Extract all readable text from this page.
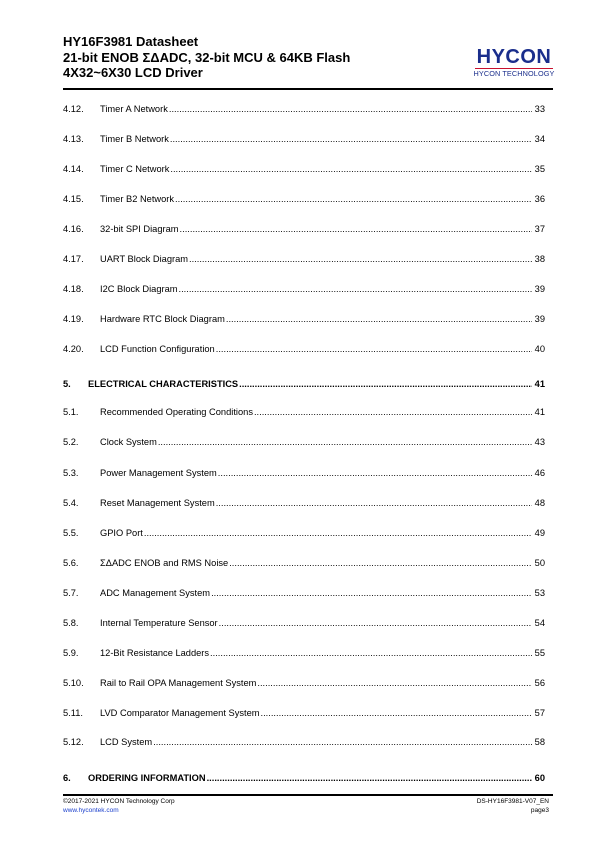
HY16F3981 Datasheet
21-bit ENOB ΣΔADC, 32-bit MCU & 64KB Flash
4X32~6X30 LCD Driver
HYCON
HYCON TECHNOLOGY
4.12.	Timer A Network .....	33
4.13.	Timer B Network .....	34
4.14.	Timer C Network .....	35
4.15.	Timer B2 Network .....	36
4.16.	32-bit SPI Diagram .....	37
4.17.	UART Block Diagram .....	38
4.18.	I2C Block Diagram .....	39
4.19.	Hardware RTC Block Diagram .....	39
4.20.	LCD Function Configuration .....	40
5.	ELECTRICAL CHARACTERISTICS .....	41
5.1.	Recommended Operating Conditions .....	41
5.2.	Clock System .....	43
5.3.	Power Management System .....	46
5.4.	Reset Management System .....	48
5.5.	GPIO Port .....	49
5.6.	ΣΔADC ENOB and RMS Noise .....	50
5.7.	ADC Management System .....	53
5.8.	Internal Temperature Sensor .....	54
5.9.	12-Bit Resistance Ladders .....	55
5.10.	Rail to Rail OPA Management System .....	56
5.11.	LVD Comparator Management System .....	57
5.12.	LCD System .....	58
6.	ORDERING INFORMATION .....	60
©2017-2021 HYCON Technology Corp
www.hycontek.com
DS-HY16F3981-V07_EN
page3
